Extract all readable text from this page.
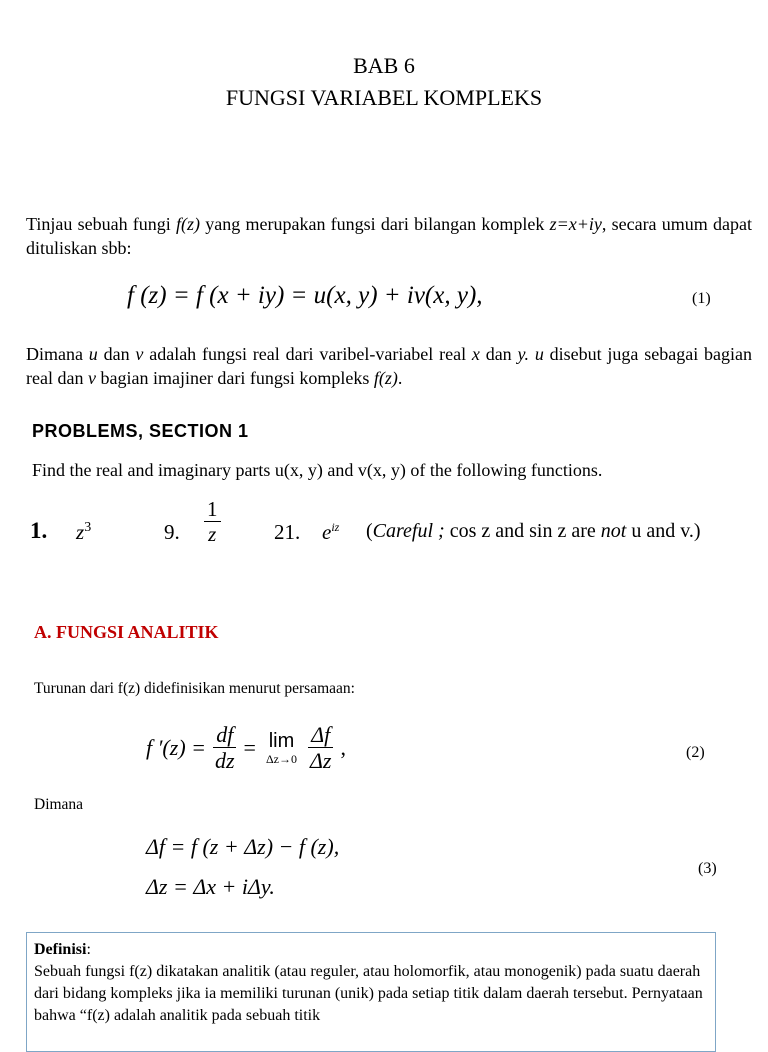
BAB 6
FUNGSI VARIABEL KOMPLEKS
Tinjau sebuah fungi f(z) yang merupakan fungsi dari bilangan komplek z=x+iy, secara umum dapat dituliskan sbb:
f (z) = f (x + iy) = u(x, y) + iv(x, y),	(1)
Dimana u dan v adalah fungsi real dari varibel-variabel real x dan y. u disebut juga sebagai bagian real dan v bagian imajiner dari fungsi kompleks f(z).
PROBLEMS, SECTION 1
Find the real and imaginary parts u(x, y) and v(x, y) of the following functions.
1. $z^3$	9. $\frac{1}{z}$	21. $e^{iz}$ (Careful ; cos z and sin z are not u and v.)
A. FUNGSI ANALITIK
Turunan dari f(z) didefinisikan menurut persamaan:
f $'(z) = \frac{df}{dz} = \lim$
$\Delta z\to 0 \frac{\Delta f}{\Delta z}$ ,	(2)
Dimana
Δf = f (z + Δz) − f (z),
Δz = Δx + iΔy.
(3)
Definisi:
Sebuah fungsi f(z) dikatakan analitik (atau reguler, atau holomorfik, atau monogenik) pada suatu daerah dari bidang kompleks jika ia memiliki turunan (unik) pada setiap titik dalam daerah tersebut. Pernyataan bahwa “f(z) adalah analitik pada sebuah titik
